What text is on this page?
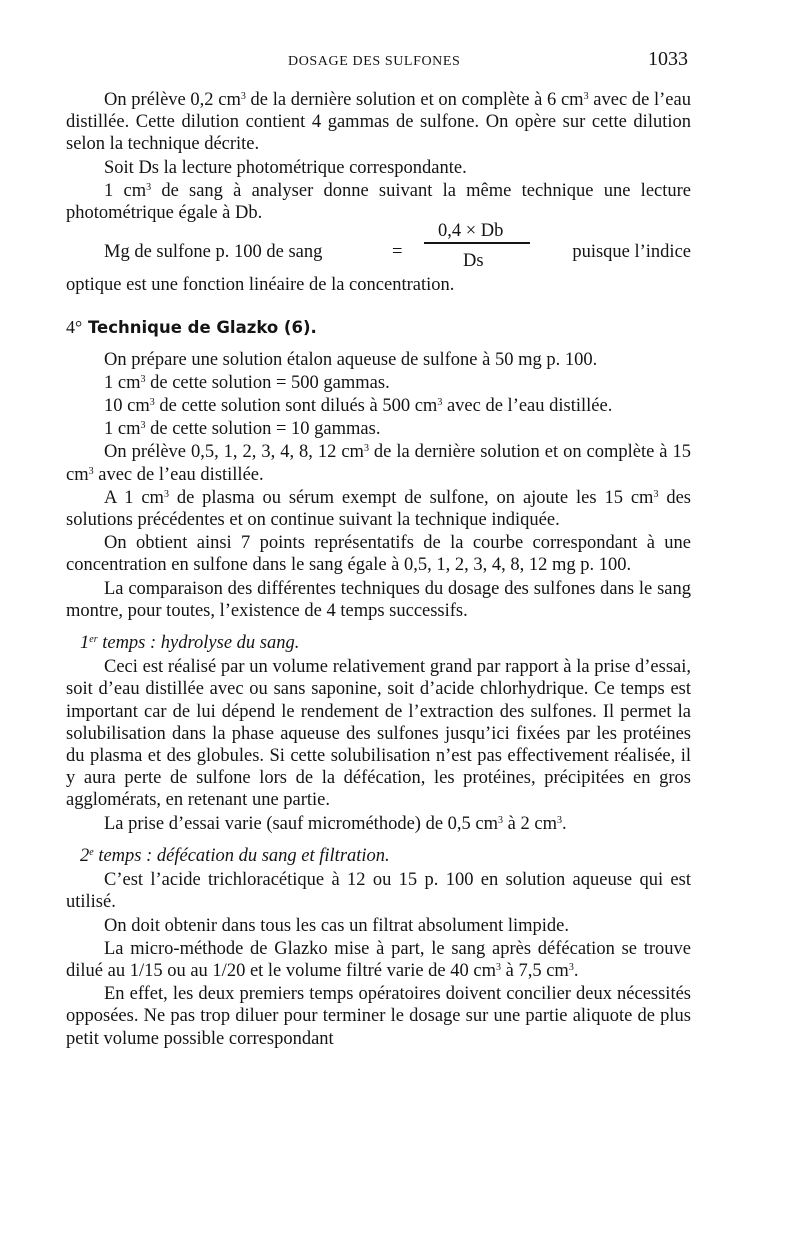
DOSAGE DES SULFONES	1033

On prélève 0,2 $cm^3$ de la dernière solution et on complète à 6 $cm^3$ avec de l’eau distillée. Cette dilution contient 4 gammas de sulfone. On opère sur cette dilution selon la technique décrite.

Soit Ds la lecture photométrique correspondante.

1 $cm^3$ de sang à analyser donne suivant la même technique une lecture photométrique égale à Db.

Mg de sulfone p. 100 de sang	=
0,4 × Db
Ds	puisque l’indice

optique est une fonction linéaire de la concentration.

4° Technique de Glazko (6).

On prépare une solution étalon aqueuse de sulfone à 50 mg p. 100.

1 $cm^3$ de cette solution = 500 gammas.

10 $cm^3$ de cette solution sont dilués à 500 $cm^3$ avec de l’eau distillée.

1 $cm^3$ de cette solution = 10 gammas.

On prélève 0,5, 1, 2, 3, 4, 8, 12 $cm^3$ de la dernière solution et on complète à 15 $cm^3$ avec de l’eau distillée.

A 1 $cm^3$ de plasma ou sérum exempt de sulfone, on ajoute les 15 $cm^3$ des solutions précédentes et on continue suivant la technique indiquée.

On obtient ainsi 7 points représentatifs de la courbe correspondant à une concentration en sulfone dans le sang égale à 0,5, 1, 2, 3, 4, 8, 12 mg p. 100.

La comparaison des différentes techniques du dosage des sulfones dans le sang montre, pour toutes, l’existence de 4 temps successifs.

1er temps : hydrolyse du sang.

Ceci est réalisé par un volume relativement grand par rapport à la prise d’essai, soit d’eau distillée avec ou sans saponine, soit d’acide chlorhydrique. Ce temps est important car de lui dépend le rendement de l’extraction des sulfones. Il permet la solubilisation dans la phase aqueuse des sulfones jusqu’ici fixées par les protéines du plasma et des globules. Si cette solubilisation n’est pas effectivement réalisée, il y aura perte de sulfone lors de la défécation, les protéines, précipitées en gros agglomérats, en retenant une partie.

La prise d’essai varie (sauf microméthode) de 0,5 $cm^3$ à 2 $cm^3$.

2e temps : défécation du sang et filtration.

C’est l’acide trichloracétique à 12 ou 15 p. 100 en solution aqueuse qui est utilisé.

On doit obtenir dans tous les cas un filtrat absolument limpide.

La micro-méthode de Glazko mise à part, le sang après défécation se trouve dilué au 1/15 ou au 1/20 et le volume filtré varie de 40 $cm^3$ à 7,5 $cm^3$.

En effet, les deux premiers temps opératoires doivent concilier deux nécessités opposées. Ne pas trop diluer pour terminer le dosage sur une partie aliquote de plus petit volume possible correspondant
